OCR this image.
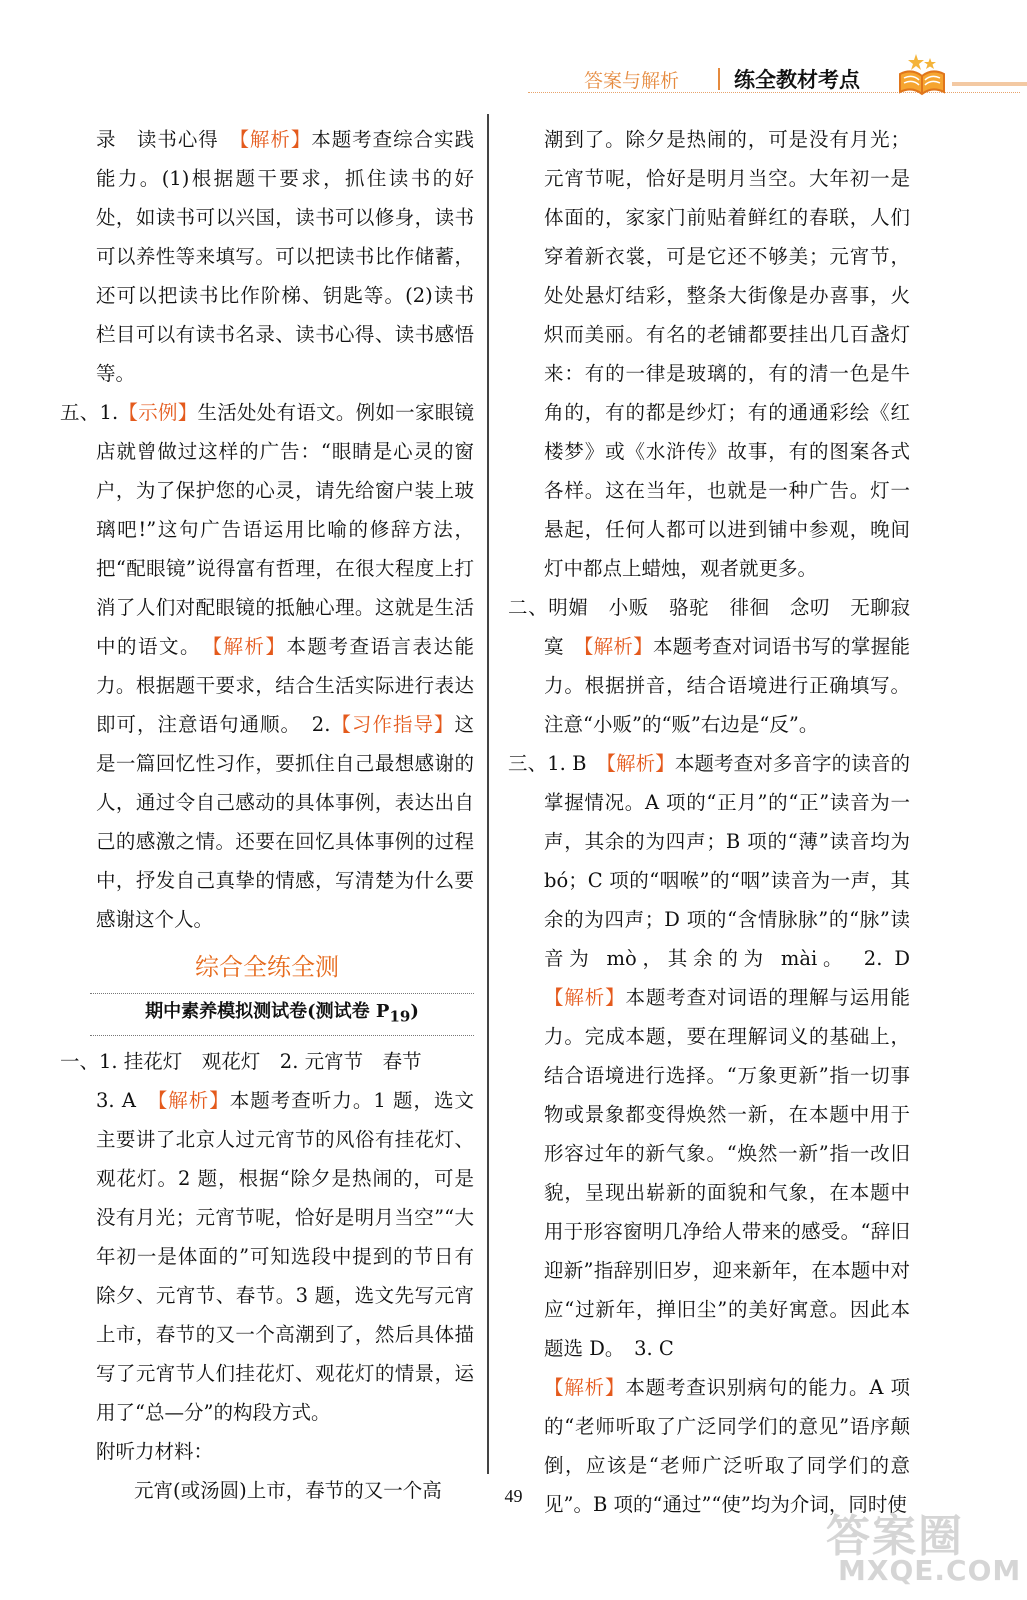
答案与解析	练全教材考点

录　读书心得　【解析】本题考查综合实践能力。(1)根据题干要求，抓住读书的好处，如读书可以兴国，读书可以修身，读书可以养性等来填写。可以把读书比作储蓄，还可以把读书比作阶梯、钥匙等。(2)读书栏目可以有读书名录、读书心得、读书感悟等。

五、1.【示例】生活处处有语文。例如一家眼镜店就曾做过这样的广告：“眼睛是心灵的窗户，为了保护您的心灵，请先给窗户装上玻璃吧!”这句广告语运用比喻的修辞方法，把“配眼镜”说得富有哲理，在很大程度上打消了人们对配眼镜的抵触心理。这就是生活中的语文。　【解析】本题考查语言表达能力。根据题干要求，结合生活实际进行表达即可，注意语句通顺。　2.【习作指导】这是一篇回忆性习作，要抓住自己最想感谢的人，通过令自己感动的具体事例，表达出自己的感激之情。还要在回忆具体事例的过程中，抒发自己真挚的情感，写清楚为什么要感谢这个人。

综合全练全测
期中素养模拟测试卷(测试卷 $P_{19}$)

一、1. 挂花灯　观花灯　2. 元宵节　春节

3. A　【解析】本题考查听力。1 题，选文主要讲了北京人过元宵节的风俗有挂花灯、观花灯。2 题，根据“除夕是热闹的，可是没有月光；元宵节呢，恰好是明月当空”“大年初一是体面的”可知选段中提到的节日有除夕、元宵节、春节。3 题，选文先写元宵上市，春节的又一个高潮到了，然后具体描写了元宵节人们挂花灯、观花灯的情景，运用了“总—分”的构段方式。

附听力材料：

元宵(或汤圆)上市，春节的又一个高

潮到了。除夕是热闹的，可是没有月光；元宵节呢，恰好是明月当空。大年初一是体面的，家家门前贴着鲜红的春联，人们穿着新衣裳，可是它还不够美；元宵节，处处悬灯结彩，整条大街像是办喜事，火炽而美丽。有名的老铺都要挂出几百盏灯来：有的一律是玻璃的，有的清一色是牛角的，有的都是纱灯；有的通通彩绘《红楼梦》或《水浒传》故事，有的图案各式各样。这在当年，也就是一种广告。灯一悬起，任何人都可以进到铺中参观，晚间灯中都点上蜡烛，观者就更多。

二、明媚　小贩　骆驼　徘徊　念叨　无聊寂寞　【解析】本题考查对词语书写的掌握能力。根据拼音，结合语境进行正确填写。注意“小贩”的“贩”右边是“反”。

三、1. B　【解析】本题考查对多音字的读音的掌握情况。A 项的“正月”的“正”读音为一声，其余的为四声；B 项的“薄”读音均为 bó；C 项的“咽喉”的“咽”读音为一声，其余的为四声；D 项的“含情脉脉”的“脉”读音为 mò，其余的为 mài。　2. D　【解析】本题考查对词语的理解与运用能力。完成本题，要在理解词义的基础上，结合语境进行选择。“万象更新”指一切事物或景象都变得焕然一新，在本题中用于形容过年的新气象。“焕然一新”指一改旧貌，呈现出崭新的面貌和气象，在本题中用于形容窗明几净给人带来的感受。“辞旧迎新”指辞别旧岁，迎来新年，在本题中对应“过新年，掸旧尘”的美好寓意。因此本题选 D。　3. C

【解析】本题考查识别病句的能力。A 项的“老师听取了广泛同学们的意见”语序颠倒，应该是“老师广泛听取了同学们的意见”。B 项的“通过”“使”均为介词，同时使

49
答案圈
MXQE.COM
